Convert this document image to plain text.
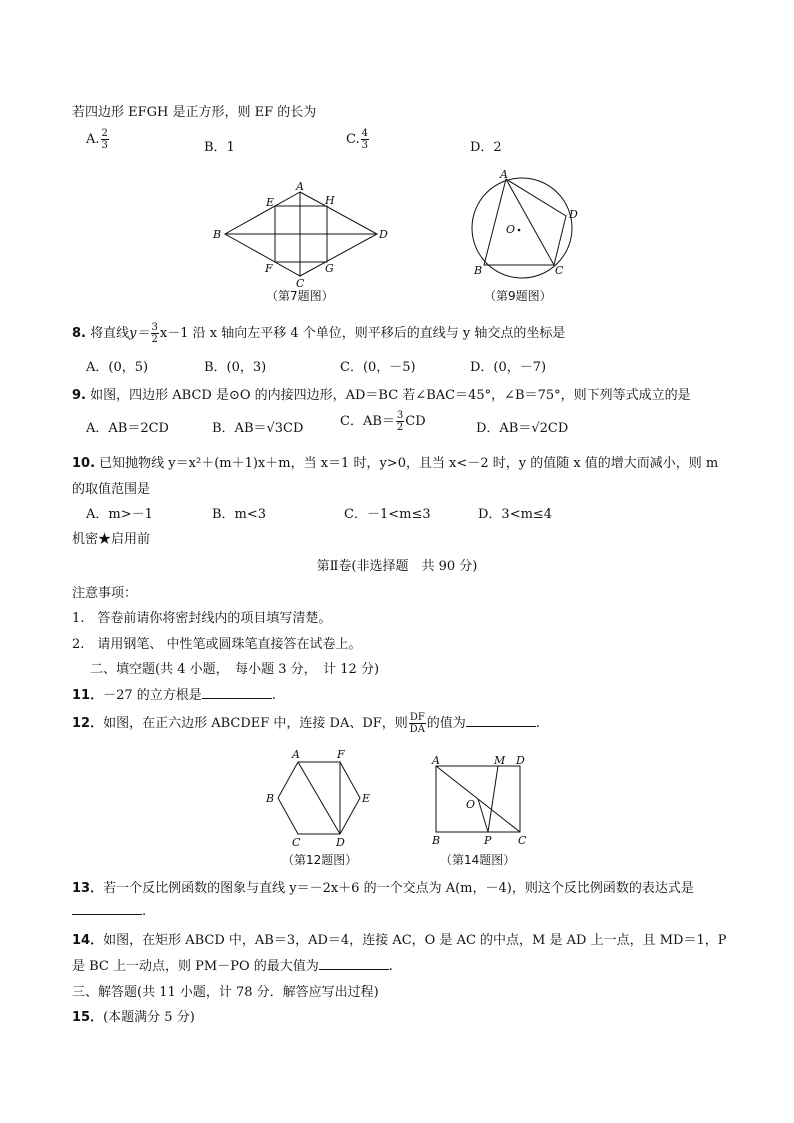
若四边形 EFGH 是正方形，则 EF 的长为
A. $\frac{2}{3}$	B．1
C. $\frac{4}{3}$	D．2
A
H
E
B	D
F
C
G
（第7题图）
A
D
O
B	C
（第9题图）
8. 将直线$y= \frac{3}{2} x-1$ 沿 x 轴向左平移 4 个单位，则平移后的直线与 y 轴交点的坐标是
A．(0，5)	B．(0，3)	C．(0，－5)	D．(0，－7)
9. 如图，四边形 ABCD 是⊙O 的内接四边形，AD＝BC 若∠BAC＝45°，∠B＝75°，则下列等式成立的是
A．AB＝2CD	B．AB＝√3CD	C．$AB= \frac{3}{2}$ CD	D．AB＝√2CD
10. 已知抛物线 y＝x²＋(m＋1)x＋m，当 x＝1 时，y>0，且当 x<－2 时，y 的值随 x 值的增大而减小，则 m
的取值范围是
A．m>－1	B．m<3	C．－1<m≤3	D．3<m≤4
机密★启用前
第Ⅱ卷(非选择题　共 90 分)
注意事项：
1.　答卷前请你将密封线内的项目填写清楚。
2.　请用钢笔、 中性笔或圆珠笔直接答在试卷上。
二、填空题(共 4 小题，　每小题 3 分，　计 12 分)
11．－27 的立方根是	.
12．如图，在正六边形 ABCDEF 中，连接 DA、DF，则 $\frac{DF}{DA}$ 的值为	.
A	F
B	E
C	D
（第12题图）
A	M D
O
B	P C
（第14题图）
13．若一个反比例函数的图象与直线 y＝－2x＋6 的一个交点为 A(m，－4)，则这个反比例函数的表达式是
.
14．如图，在矩形 ABCD 中，AB＝3，AD＝4，连接 AC，O 是 AC 的中点，M 是 AD 上一点，且 MD＝1，P
是 BC 上一动点，则 PM－PO 的最大值为	.
三、解答题(共 11 小题，计 78 分．解答应写出过程)
15．(本题满分 5 分)
